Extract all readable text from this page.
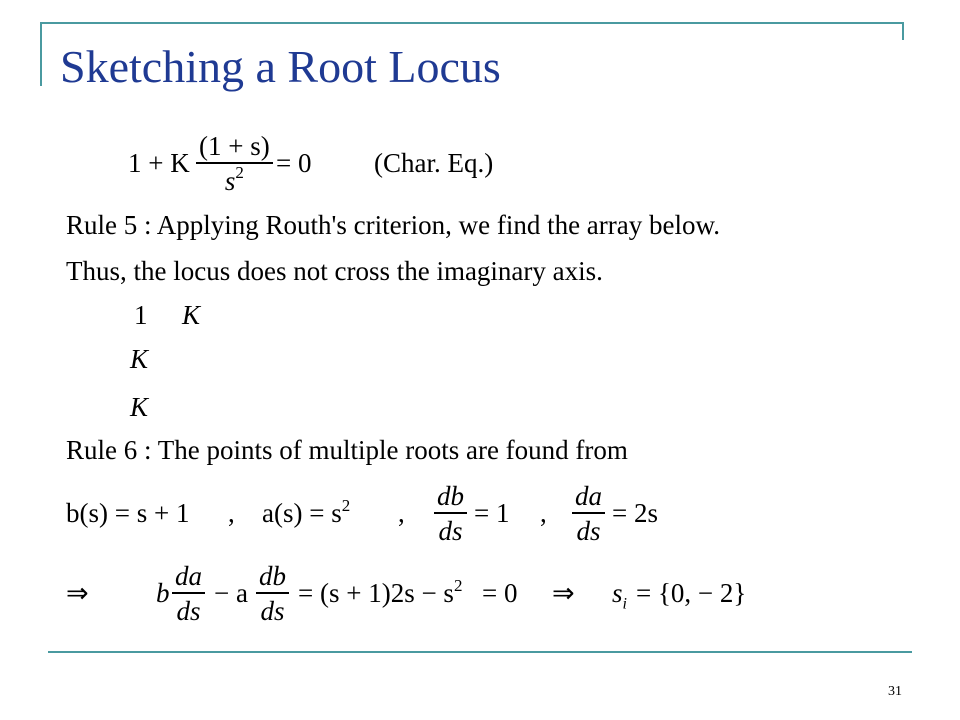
Sketching a Root Locus
1 + K
(1 + s)
$s^2 = 0$ (Char. Eq.)
Rule 5 : Applying Routh's criterion, we find the array below.
Thus, the locus does not cross the imaginary axis.
1 K
K
K
Rule 6 : The points of multiple roots are found from
b(s) = s + 1 , $a(s) = s^2$ ,
db
ds
= 1 ,
da
ds
= 2s
⇒ b
da
ds
− a
db
ds
= $(s + 1)2s - s^2 = 0$ ⇒ $s_i = \{0$, − 2}
31
